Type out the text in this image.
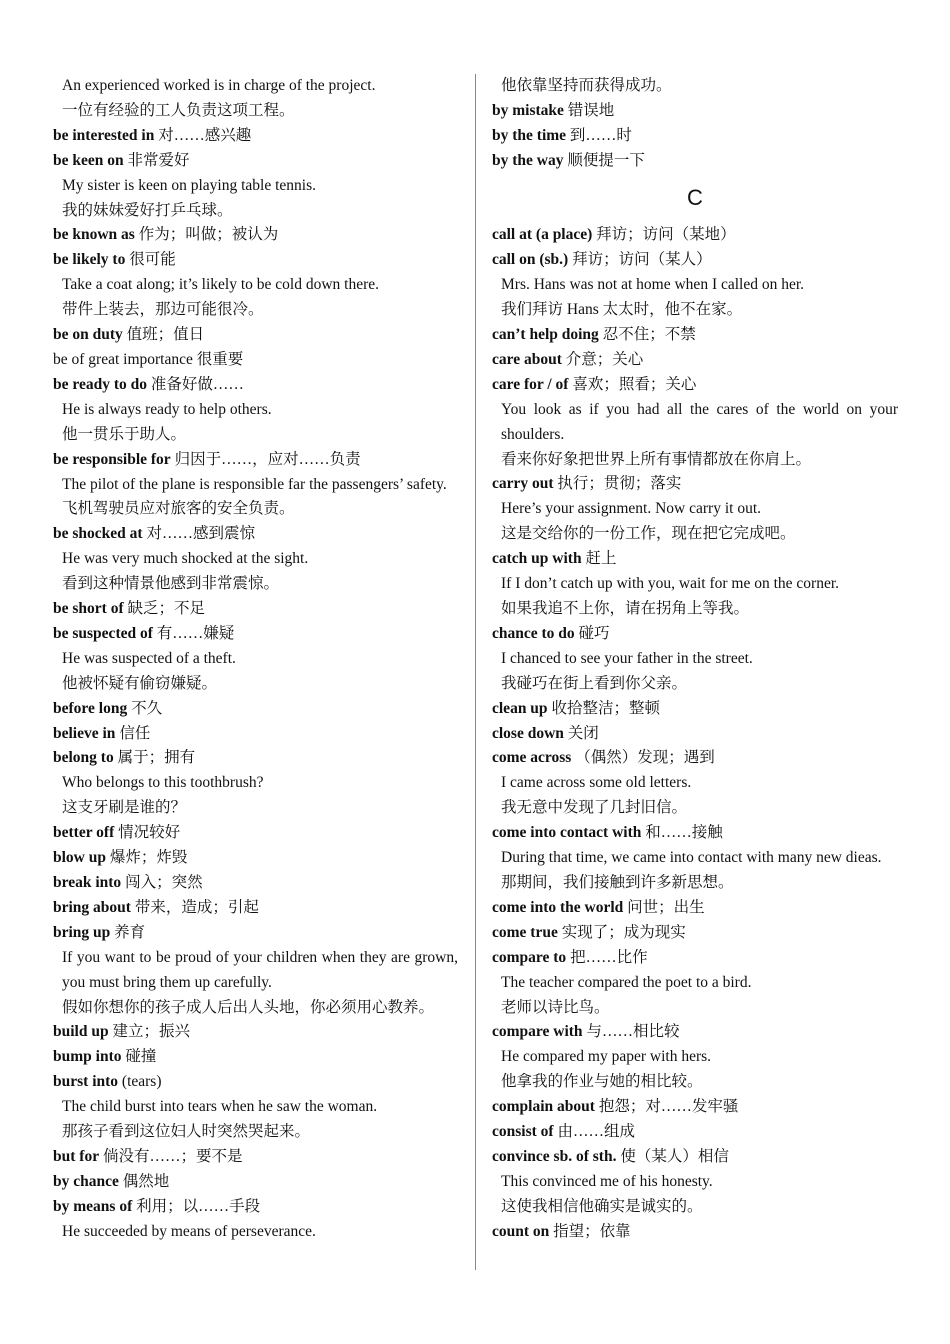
An experienced worked is in charge of the project.
一位有经验的工人负责这项工程。
be interested in 对……感兴趣
be keen on 非常爱好
My sister is keen on playing table tennis.
我的妹妹爱好打乒乓球。
be known as 作为；叫做；被认为
be likely to 很可能
Take a coat along; it’s likely to be cold down there.
带件上装去，那边可能很冷。
be on duty 值班；值日
be of great importance 很重要
be ready to do 准备好做……
He is always ready to help others.
他一贯乐于助人。
be responsible for 归因于……，应对……负责
The pilot of the plane is responsible far the passengers’ safety.
飞机驾驶员应对旅客的安全负责。
be shocked at 对……感到震惊
He was very much shocked at the sight.
看到这种情景他感到非常震惊。
be short of 缺乏；不足
be suspected of 有……嫌疑
He was suspected of a theft.
他被怀疑有偷窃嫌疑。
before long 不久
believe in 信任
belong to 属于；拥有
Who belongs to this toothbrush?
这支牙刷是谁的？
better off 情况较好
blow up 爆炸；炸毁
break into 闯入；突然
bring about 带来，造成；引起
bring up 养育
If you want to be proud of your children when they are grown, you must bring them up carefully.
假如你想你的孩子成人后出人头地，你必须用心教养。
build up 建立；振兴
bump into 碰撞
burst into (tears)
The child burst into tears when he saw the woman.
那孩子看到这位妇人时突然哭起来。
but for 倘没有……；要不是
by chance 偶然地
by means of 利用；以……手段
He succeeded by means of perseverance.
他依靠坚持而获得成功。
by mistake 错误地
by the time 到……时
by the way 顺便提一下
C
call at (a place) 拜访；访问（某地）
call on (sb.) 拜访；访问（某人）
Mrs. Hans was not at home when I called on her.
我们拜访 Hans 太太时，他不在家。
can’t help doing 忍不住；不禁
care about 介意；关心
care for / of 喜欢；照看；关心
You look as if you had all the cares of the world on your shoulders.
看来你好象把世界上所有事情都放在你肩上。
carry out 执行；贯彻；落实
Here’s your assignment. Now carry it out.
这是交给你的一份工作，现在把它完成吧。
catch up with 赶上
If I don’t catch up with you, wait for me on the corner.
如果我追不上你，请在拐角上等我。
chance to do 碰巧
I chanced to see your father in the street.
我碰巧在街上看到你父亲。
clean up 收拾整洁；整顿
close down 关闭
come across （偶然）发现；遇到
I came across some old letters.
我无意中发现了几封旧信。
come into contact with 和……接触
During that time, we came into contact with many new dieas.
那期间，我们接触到许多新思想。
come into the world 问世；出生
come true 实现了；成为现实
compare to 把……比作
The teacher compared the poet to a bird.
老师以诗比鸟。
compare with 与……相比较
He compared my paper with hers.
他拿我的作业与她的相比较。
complain about 抱怨；对……发牢骚
consist of 由……组成
convince sb. of sth. 使（某人）相信
This convinced me of his honesty.
这使我相信他确实是诚实的。
count on 指望；依靠
